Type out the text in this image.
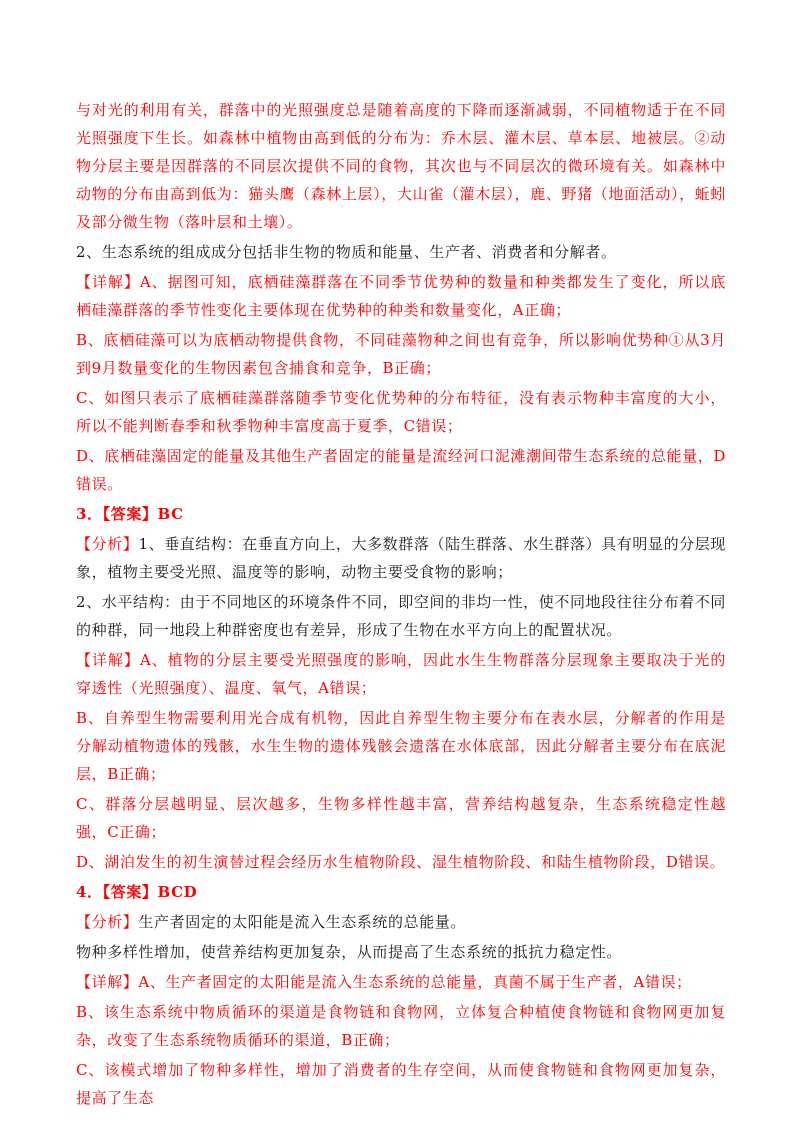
与对光的利用有关，群落中的光照强度总是随着高度的下降而逐渐减弱，不同植物适于在不同光照强度下生长。如森林中植物由高到低的分布为：乔木层、灌木层、草本层、地被层。②动物分层主要是因群落的不同层次提供不同的食物，其次也与不同层次的微环境有关。如森林中动物的分布由高到低为：猫头鹰（森林上层），大山雀（灌木层），鹿、野猪（地面活动），蚯蚓及部分微生物（落叶层和土壤）。

2、生态系统的组成成分包括非生物的物质和能量、生产者、消费者和分解者。

【详解】A、据图可知，底栖硅藻群落在不同季节优势种的数量和种类都发生了变化，所以底栖硅藻群落的季节性变化主要体现在优势种的种类和数量变化，A正确；

B、底栖硅藻可以为底栖动物提供食物，不同硅藻物种之间也有竞争，所以影响优势种①从3月到9月数量变化的生物因素包含捕食和竞争，B正确；

C、如图只表示了底栖硅藻群落随季节变化优势种的分布特征，没有表示物种丰富度的大小，所以不能判断春季和秋季物种丰富度高于夏季，C错误；

D、底栖硅藻固定的能量及其他生产者固定的能量是流经河口泥滩潮间带生态系统的总能量，D错误。

3．【答案】BC

【分析】1、垂直结构：在垂直方向上，大多数群落（陆生群落、水生群落）具有明显的分层现象，植物主要受光照、温度等的影响，动物主要受食物的影响；

2、水平结构：由于不同地区的环境条件不同，即空间的非均一性，使不同地段往往分布着不同的种群，同一地段上种群密度也有差异，形成了生物在水平方向上的配置状况。

【详解】A、植物的分层主要受光照强度的影响，因此水生生物群落分层现象主要取决于光的穿透性（光照强度）、温度、氧气，A错误；

B、自养型生物需要利用光合成有机物，因此自养型生物主要分布在表水层，分解者的作用是分解动植物遗体的残骸，水生生物的遗体残骸会遗落在水体底部，因此分解者主要分布在底泥层，B正确；

C、群落分层越明显、层次越多，生物多样性越丰富，营养结构越复杂，生态系统稳定性越强，C正确；

D、湖泊发生的初生演替过程会经历水生植物阶段、湿生植物阶段、和陆生植物阶段，D错误。

4．【答案】BCD

【分析】生产者固定的太阳能是流入生态系统的总能量。

物种多样性增加，使营养结构更加复杂，从而提高了生态系统的抵抗力稳定性。

【详解】A、生产者固定的太阳能是流入生态系统的总能量，真菌不属于生产者，A错误；

B、该生态系统中物质循环的渠道是食物链和食物网，立体复合种植使食物链和食物网更加复杂，改变了生态系统物质循环的渠道，B正确；

C、该模式增加了物种多样性，增加了消费者的生存空间，从而使食物链和食物网更加复杂，提高了生态
